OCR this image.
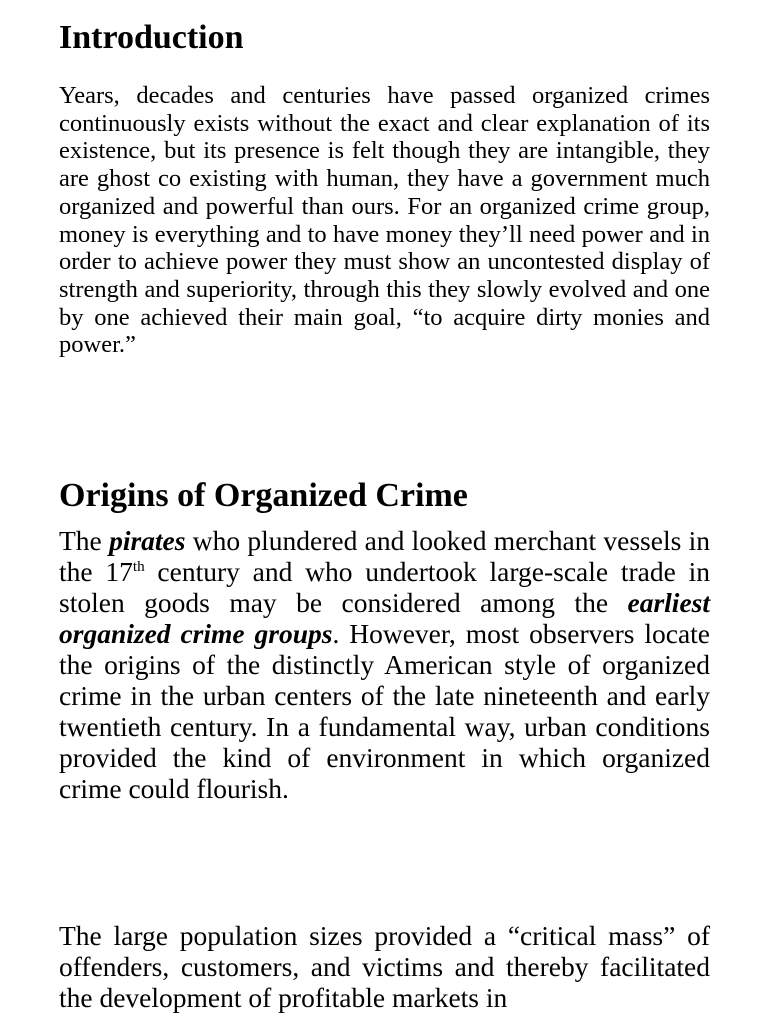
Introduction

Years, decades and centuries have passed organized crimes continuously exists without the exact and clear explanation of its existence, but its presence is felt though they are intangible, they are ghost co existing with human, they have a government much organized and powerful than ours. For an organized crime group, money is everything and to have money they’ll need power and in order to achieve power they must show an uncontested display of strength and superiority, through this they slowly evolved and one by one achieved their main goal, “to acquire dirty monies and power.”

Origins of Organized Crime

The pirates who plundered and looked merchant vessels in the 17th century and who undertook large-scale trade in stolen goods may be considered among the earliest organized crime groups. However, most observers locate the origins of the distinctly American style of organized crime in the urban centers of the late nineteenth and early twentieth century. In a fundamental way, urban conditions provided the kind of environment in which organized crime could flourish.

The large population sizes provided a “critical mass” of offenders, customers, and victims and thereby facilitated the development of profitable markets in
